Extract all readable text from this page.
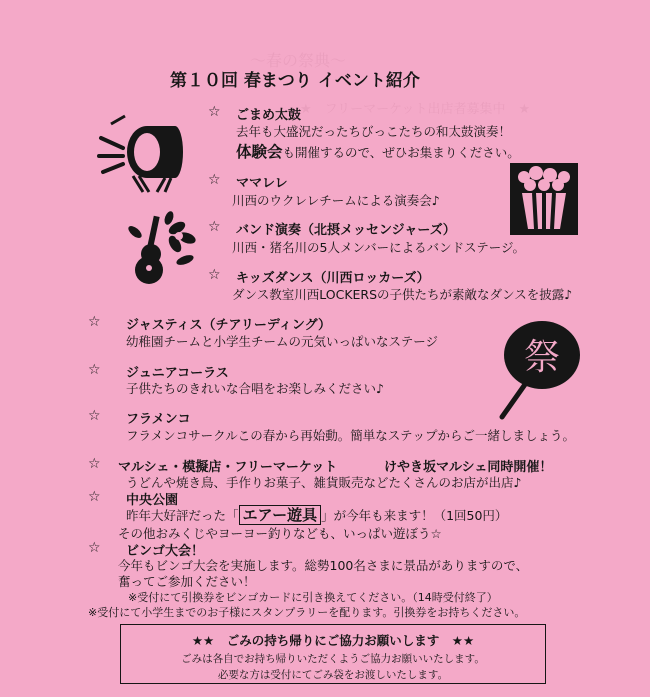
～春の祭典～
★　フリーマーケット出店者募集中　★

第１０回 春まつり イベント紹介
☆ ごまめ太鼓
去年も大盛況だったちびっこたちの和太鼓演奏！
体験会も開催するので、ぜひお集まりください。
☆ ママレレ
川西のウクレレチームによる演奏会♪
☆ バンド演奏（北摂メッセンジャーズ）
川西・猪名川の5人メンバーによるバンドステージ。
☆ キッズダンス（川西ロッカーズ）
ダンス教室川西LOCKERSの子供たちが素敵なダンスを披露♪
☆ ジャスティス（チアリーディング）
幼稚園チームと小学生チームの元気いっぱいなステージ
☆ ジュニアコーラス
子供たちのきれいな合唱をお楽しみください♪
☆ フラメンコ
フラメンコサークルこの春から再始動。簡単なステップからご一緒しましょう。
☆ マルシェ・模擬店・フリーマーケット	けやき坂マルシェ同時開催！
うどんや焼き鳥、手作りお菓子、雑貨販売などたくさんのお店が出店♪
☆ 中央公園
昨年大好評だった「 エアー遊具 」が今年も来ます！（1回50円）
その他おみくじやヨーヨー釣りなども、いっぱい遊ぼう☆
☆ ビンゴ大会！
今年もビンゴ大会を実施します。総勢100名さまに景品がありますので、
奮ってご参加ください！
※受付にて引換券をビンゴカードに引き換えてください。（14時受付終了）
※受付にて小学生までのお子様にスタンプラリーを配ります。引換券をお持ちください。
★★　ごみの持ち帰りにご協力お願いします　★★
ごみは各自でお持ち帰りいただくようご協力お願いいたします。
必要な方は受付にてごみ袋をお渡しいたします。
祭
